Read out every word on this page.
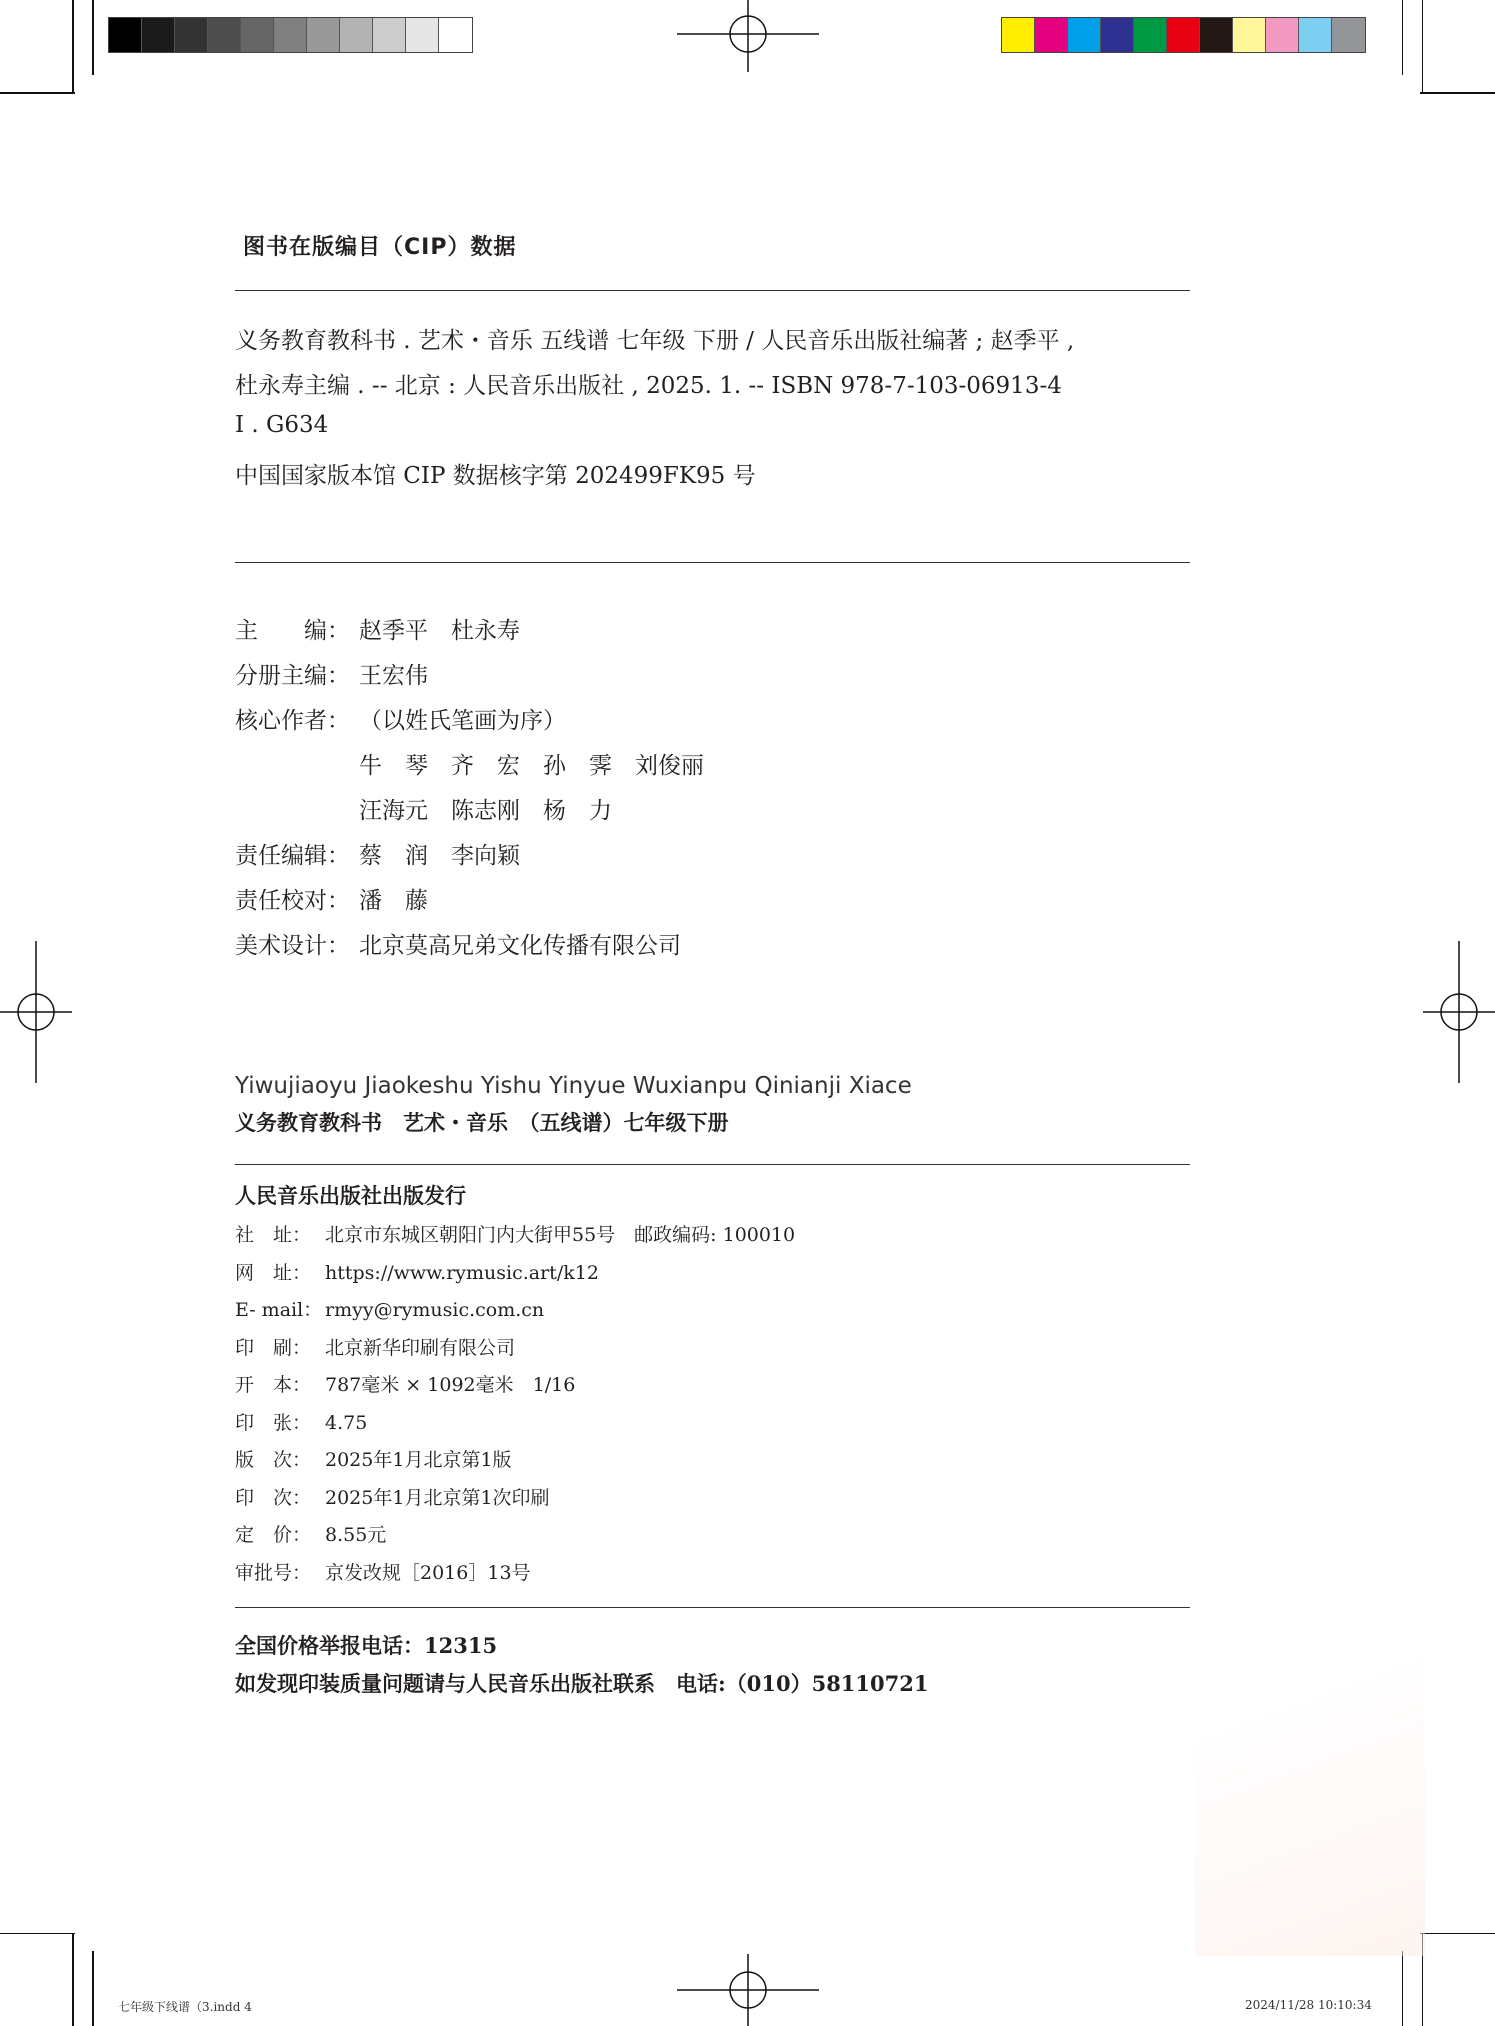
图书在版编目（CIP）数据
义务教育教科书 . 艺术・音乐 五线谱 七年级 下册 / 人民音乐出版社编著 ; 赵季平 ,
杜永寿主编 . -- 北京 : 人民音乐出版社 , 2025. 1. -- ISBN 978-7-103-06913-4
Ⅰ . G634
中国国家版本馆 CIP 数据核字第 202499FK95 号
主　　编： 赵季平　杜永寿
分册主编： 王宏伟
核心作者： （以姓氏笔画为序）
牛　琴　齐　宏　孙　霁　刘俊丽
汪海元　陈志刚　杨　力
责任编辑： 蔡　润　李向颖
责任校对： 潘　藤
美术设计： 北京莫高兄弟文化传播有限公司
Yiwujiaoyu Jiaokeshu Yishu Yinyue Wuxianpu Qinianji Xiace
义务教育教科书　艺术・音乐　（五线谱）七年级下册
人民音乐出版社出版发行
社　址： 北京市东城区朝阳门内大街甲55号　邮政编码: 100010
网　址： https://www.rymusic.art/k12
E- mail： rmyy@rymusic.com.cn
印　刷： 北京新华印刷有限公司
开　本： 787毫米 × 1092毫米　1/16
印　张： 4.75
版　次： 2025年1月北京第1版
印　次： 2025年1月北京第1次印刷
定　价： 8.55元
审批号： 京发改规［2016］13号
全国价格举报电话：12315
如发现印装质量问题请与人民音乐出版社联系　电话:（010）58110721
七年级下线谱（3.indd 4	2024/11/28 10:10:34
